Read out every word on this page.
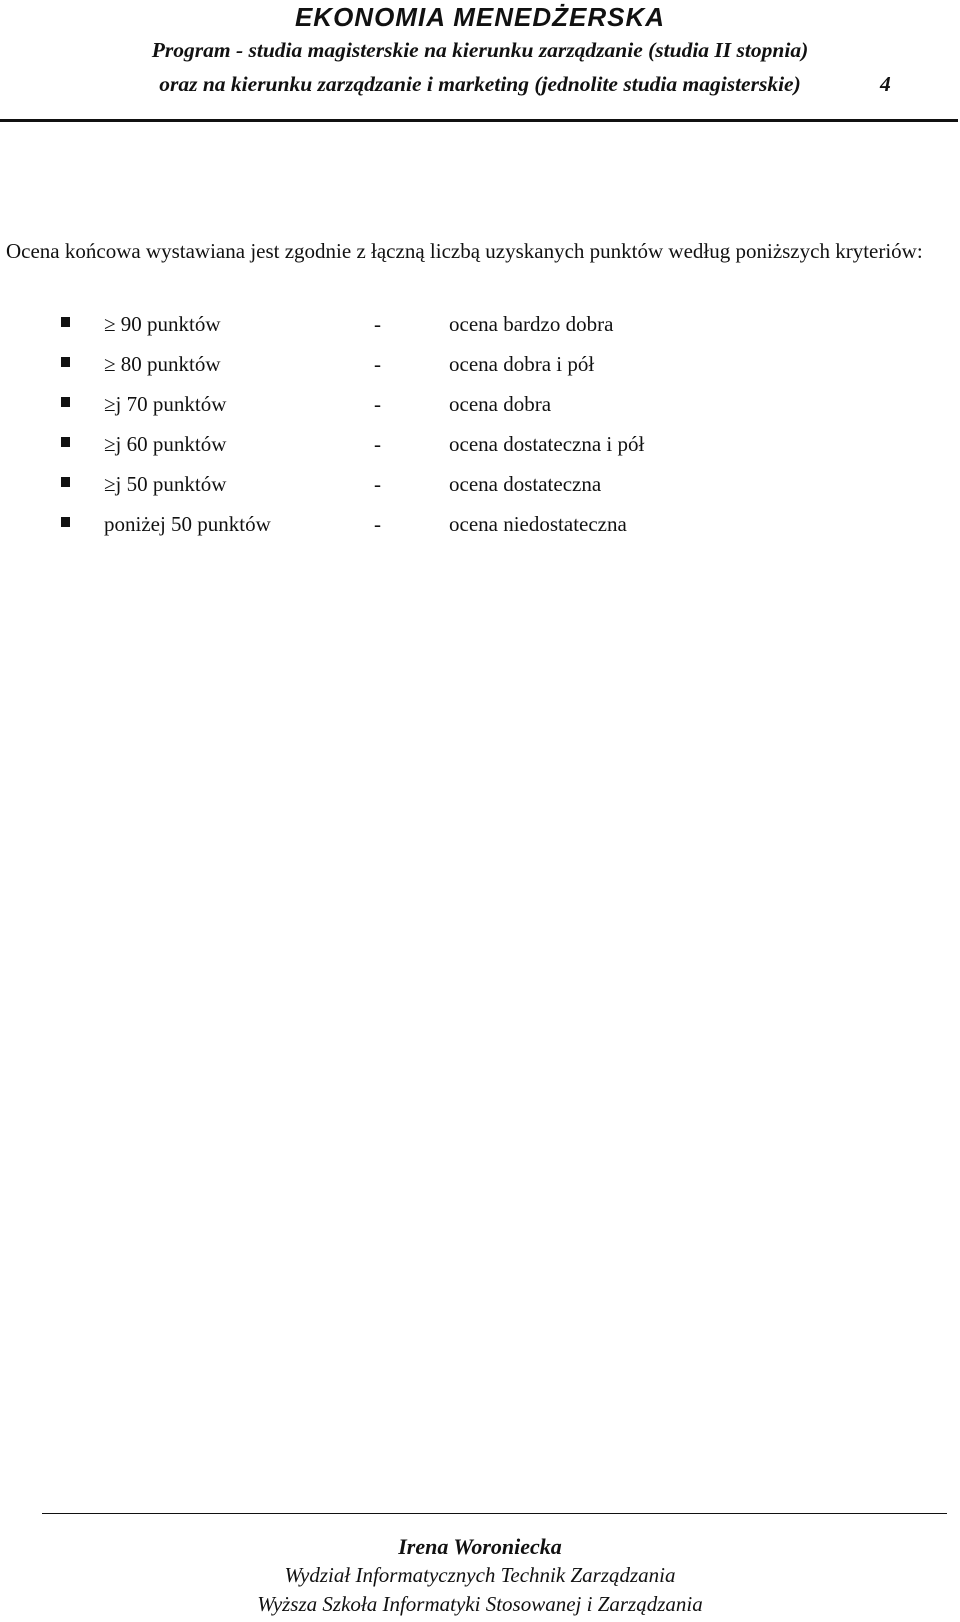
EKONOMIA MENEDŻERSKA
Program - studia magisterskie na kierunku zarządzanie (studia II stopnia)
oraz na kierunku zarządzanie i marketing (jednolite studia magisterskie)	4
Ocena końcowa wystawiana jest zgodnie z łączną liczbą uzyskanych punktów według poniższych kryteriów:
≥ 90 punktów	-	ocena bardzo dobra
≥ 80 punktów	-	ocena dobra i pół
≥j 70 punktów	-	ocena dobra
≥j 60 punktów	-	ocena dostateczna i pół
≥j 50 punktów	-	ocena dostateczna
poniżej 50 punktów	-	ocena niedostateczna
Irena Woroniecka
Wydział Informatycznych Technik Zarządzania
Wyższa Szkoła Informatyki Stosowanej i Zarządzania
